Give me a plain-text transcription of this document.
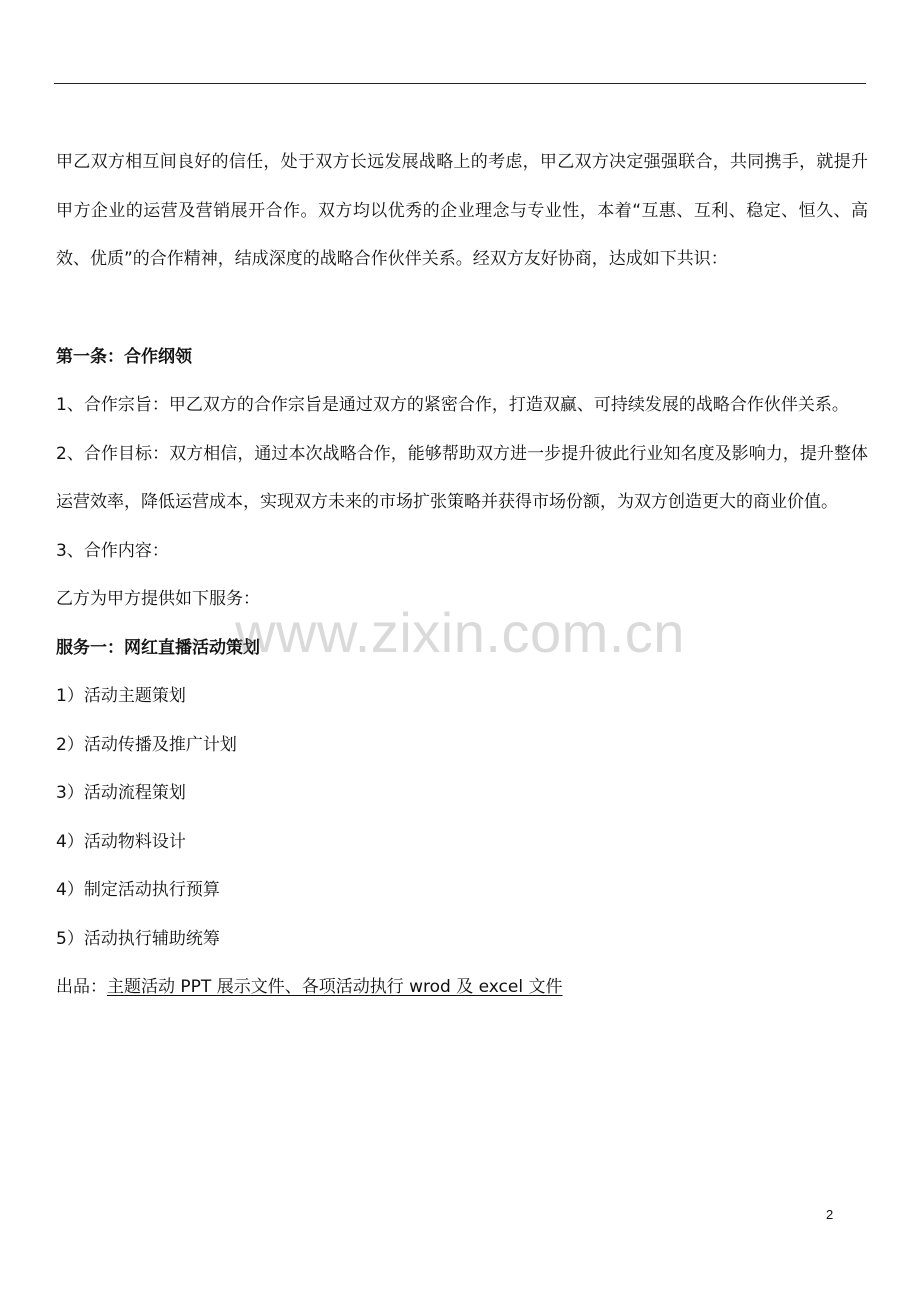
甲乙双方相互间良好的信任，处于双方长远发展战略上的考虑，甲乙双方决定强强联合，共同携手，就提升甲方企业的运营及营销展开合作。双方均以优秀的企业理念与专业性，本着“互惠、互利、稳定、恒久、高效、优质”的合作精神，结成深度的战略合作伙伴关系。经双方友好协商，达成如下共识：

第一条：合作纲领

1、合作宗旨：甲乙双方的合作宗旨是通过双方的紧密合作，打造双赢、可持续发展的战略合作伙伴关系。

2、合作目标：双方相信，通过本次战略合作，能够帮助双方进一步提升彼此行业知名度及影响力，提升整体运营效率，降低运营成本，实现双方未来的市场扩张策略并获得市场份额，为双方创造更大的商业价值。

3、合作内容：

乙方为甲方提供如下服务：

服务一：网红直播活动策划

1）活动主题策划

2）活动传播及推广计划

3）活动流程策划

4）活动物料设计

4）制定活动执行预算

5）活动执行辅助统筹

出品：主题活动 PPT 展示文件、各项活动执行 wrod 及 excel 文件

www.zixin.com.cn
2
